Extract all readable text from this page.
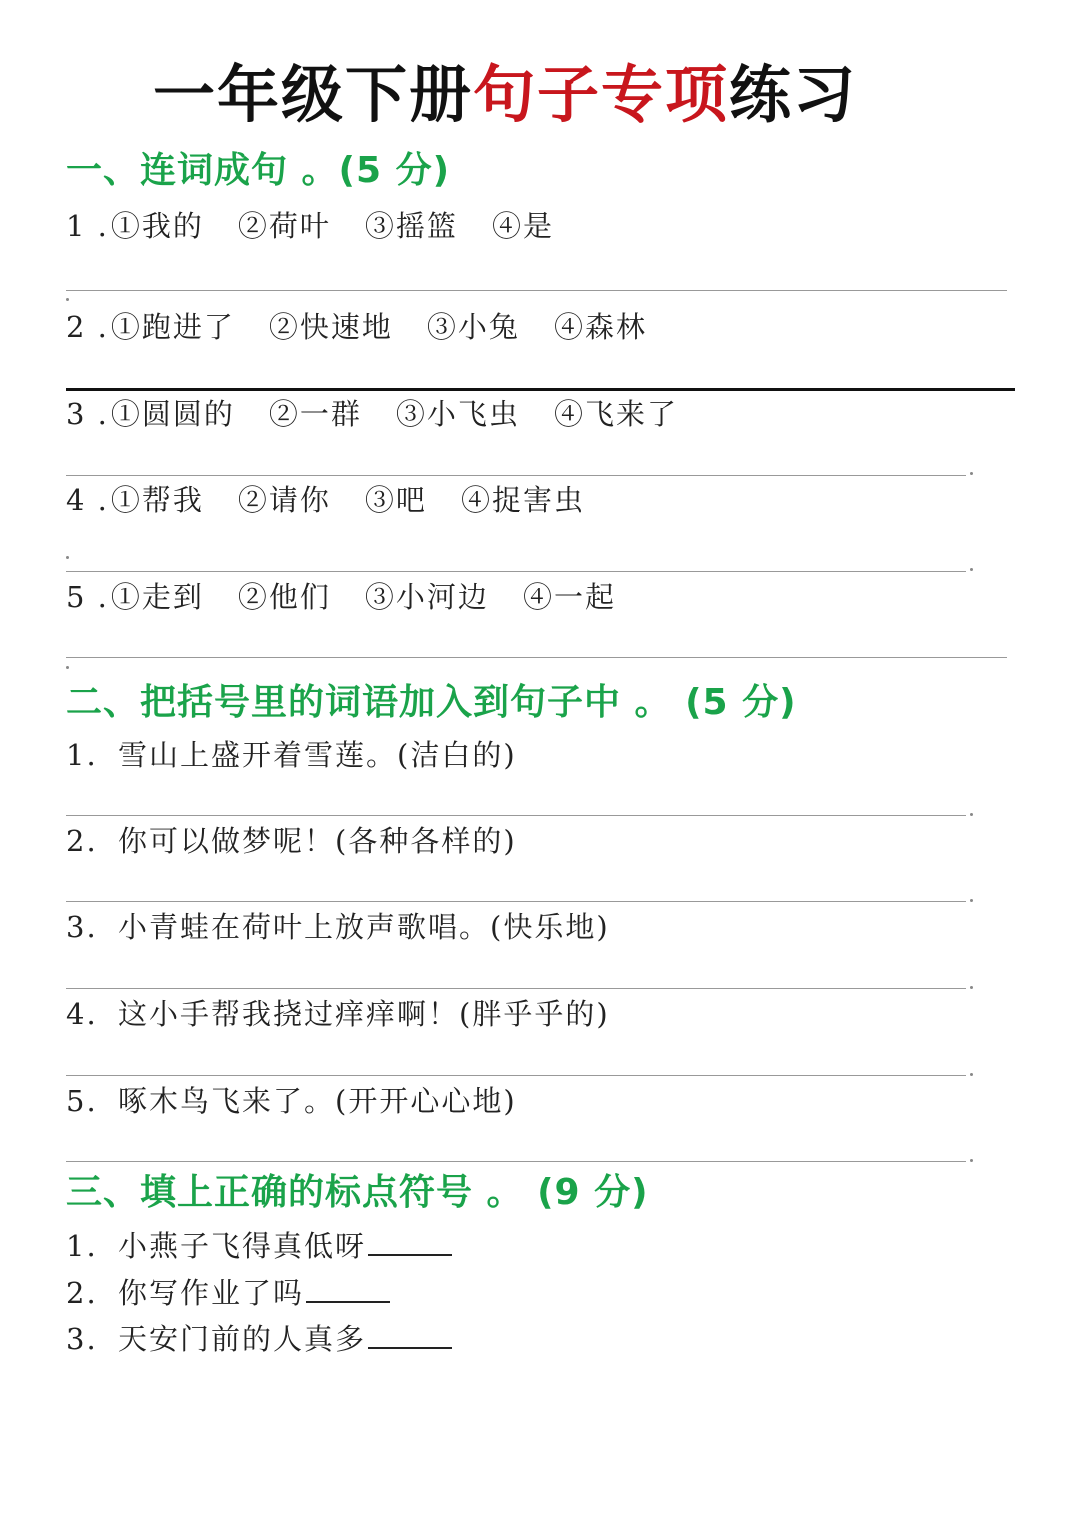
一年级下册句子专项练习
一、连词成句 。(5 分)
1 .①我的 ②荷叶 ③摇篮 ④是
2 .①跑进了 ②快速地 ③小兔 ④森林
3 .①圆圆的 ②一群 ③小飞虫 ④飞来了
4 .①帮我 ②请你 ③吧 ④捉害虫
5 .①走到 ②他们 ③小河边 ④一起
二、把括号里的词语加入到句子中 。 (5 分)
1. 雪山上盛开着雪莲。(洁白的)
2. 你可以做梦呢！(各种各样的)
3. 小青蛙在荷叶上放声歌唱。(快乐地)
4. 这小手帮我挠过痒痒啊！(胖乎乎的)
5. 啄木鸟飞来了。(开开心心地)
三、填上正确的标点符号 。 (9 分)
1. 小燕子飞得真低呀
2. 你写作业了吗
3. 天安门前的人真多
